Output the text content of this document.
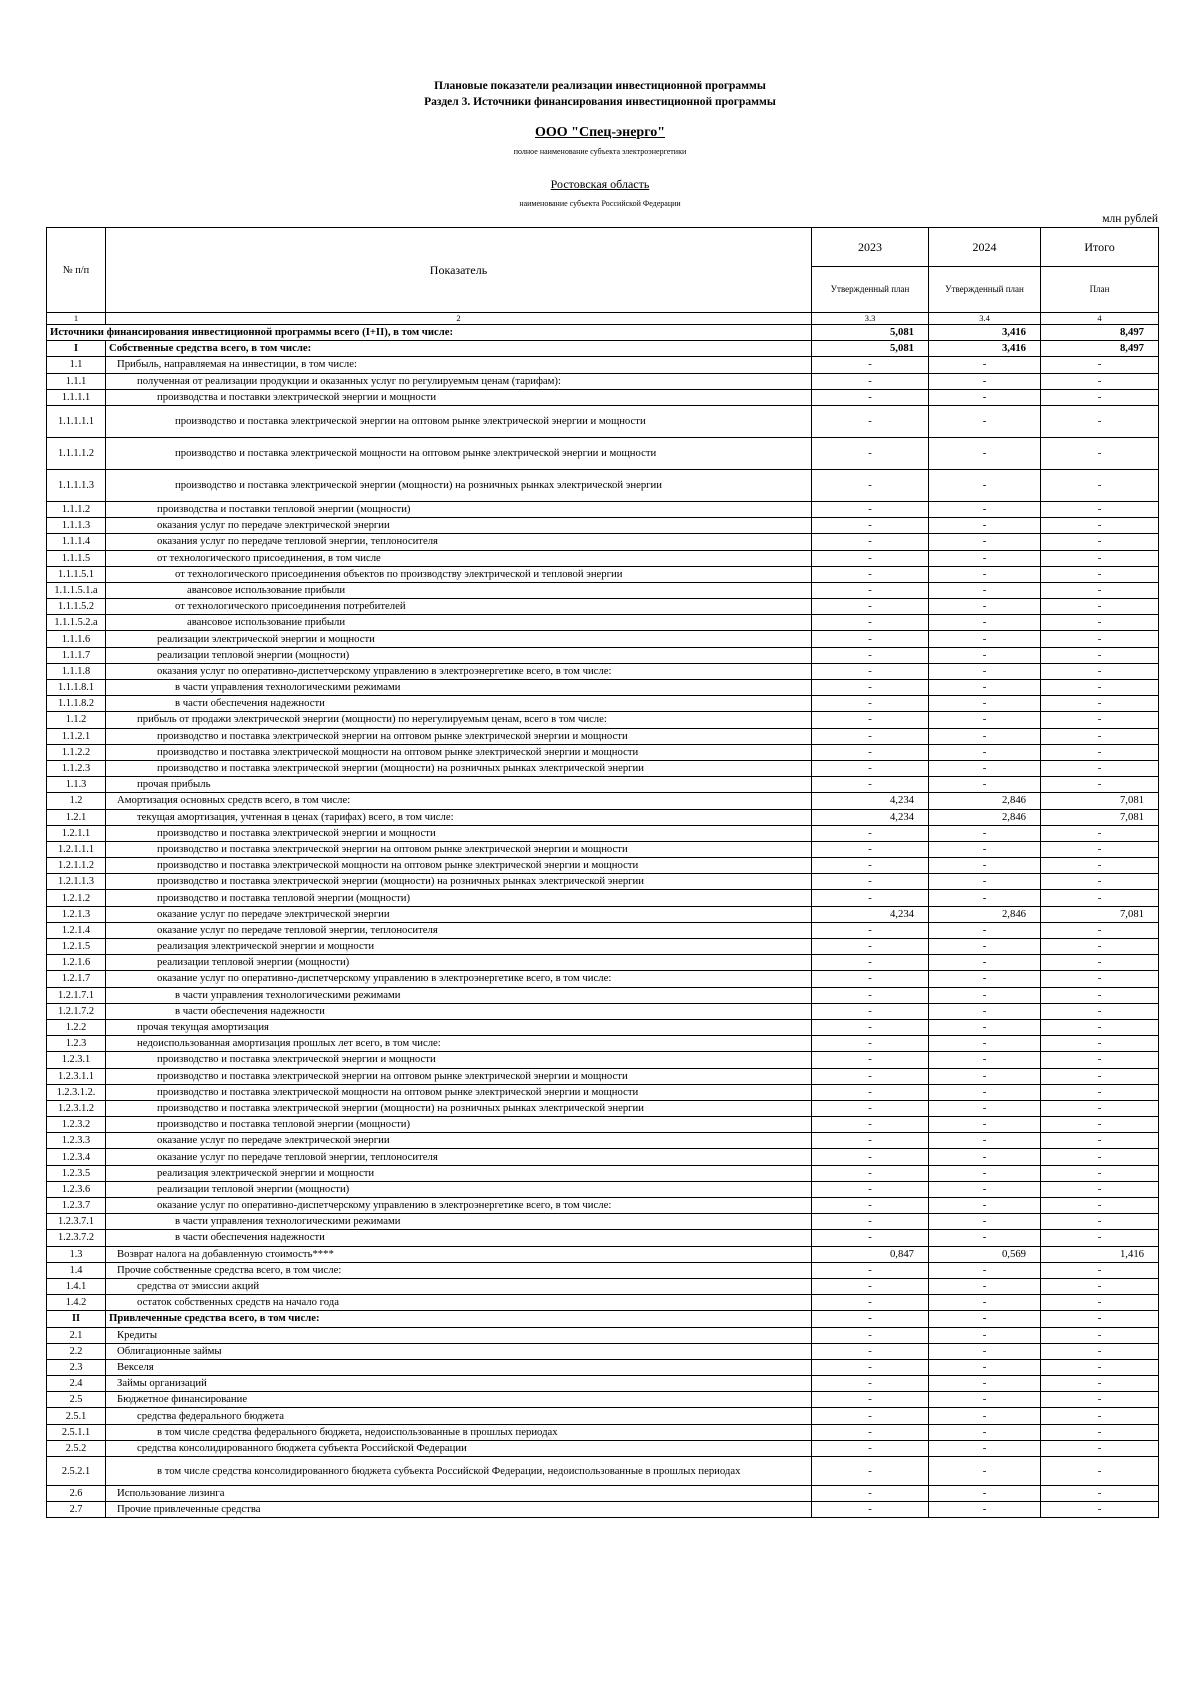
Плановые показатели реализации инвестиционной программы
Раздел 3. Источники финансирования инвестиционной программы
ООО "Спец-энерго"
полное наименование субъекта электроэнергетики
Ростовская область
наименование субъекта Российской Федерации
млн рублей
№ п/п	Показатель	2023	2024	Итого
		Утвержденный план	Утвержденный план	План
1	2	3.3	3.4	4
Источники финансирования инвестиционной программы всего (I+II), в том числе:		5,081	3,416	8,497
I	Собственные средства всего, в том числе:	5,081	3,416	8,497
1.1	Прибыль, направляемая на инвестиции, в том числе:	-	-	-
1.1.1	полученная от реализации продукции и оказанных услуг по регулируемым ценам (тарифам):	-	-	-
1.1.1.1	производства и поставки электрической энергии и мощности	-	-	-
1.1.1.1.1	производство и поставка электрической энергии на оптовом рынке электрической энергии и мощности	-	-	-
1.1.1.1.2	производство и поставка электрической мощности на оптовом рынке электрической энергии и мощности	-	-	-
1.1.1.1.3	производство и поставка электрической энергии (мощности) на розничных рынках электрической энергии	-	-	-
1.1.1.2	производства и поставки тепловой энергии (мощности)	-	-	-
1.1.1.3	оказания услуг по передаче электрической энергии	-	-	-
1.1.1.4	оказания услуг по передаче тепловой энергии, теплоносителя	-	-	-
1.1.1.5	от технологического присоединения, в том числе	-	-	-
1.1.1.5.1	от технологического присоединения объектов по производству электрической и тепловой энергии	-	-	-
1.1.1.5.1.a	авансовое использование прибыли	-	-	-
1.1.1.5.2	от технологического присоединения потребителей	-	-	-
1.1.1.5.2.a	авансовое использование прибыли	-	-	-
1.1.1.6	реализации электрической энергии и мощности	-	-	-
1.1.1.7	реализации тепловой энергии (мощности)	-	-	-
1.1.1.8	оказания услуг по оперативно-диспетчерскому управлению в электроэнергетике всего, в том числе:	-	-	-
1.1.1.8.1	в части управления технологическими режимами	-	-	-
1.1.1.8.2	в части обеспечения надежности	-	-	-
1.1.2	прибыль от продажи электрической энергии (мощности) по нерегулируемым ценам, всего в том числе:	-	-	-
1.1.2.1	производство и поставка электрической энергии на оптовом рынке электрической энергии и мощности	-	-	-
1.1.2.2	производство и поставка электрической мощности на оптовом рынке электрической энергии и мощности	-	-	-
1.1.2.3	производство и поставка электрической энергии (мощности) на розничных рынках электрической энергии	-	-	-
1.1.3	прочая прибыль	-	-	-
1.2	Амортизация основных средств всего, в том числе:	4,234	2,846	7,081
1.2.1	текущая амортизация, учтенная в ценах (тарифах) всего, в том числе:	4,234	2,846	7,081
1.2.1.1	производство и поставка электрической энергии и мощности	-	-	-
1.2.1.1.1	производство и поставка электрической энергии на оптовом рынке электрической энергии и мощности	-	-	-
1.2.1.1.2	производство и поставка электрической мощности на оптовом рынке электрической энергии и мощности	-	-	-
1.2.1.1.3	производство и поставка электрической энергии (мощности) на розничных рынках электрической энергии	-	-	-
1.2.1.2	производство и поставка тепловой энергии (мощности)	-	-	-
1.2.1.3	оказание услуг по передаче электрической энергии	4,234	2,846	7,081
1.2.1.4	оказание услуг по передаче тепловой энергии, теплоносителя	-	-	-
1.2.1.5	реализация электрической энергии и мощности	-	-	-
1.2.1.6	реализации тепловой энергии (мощности)	-	-	-
1.2.1.7	оказание услуг по оперативно-диспетчерскому управлению в электроэнергетике всего, в том числе:	-	-	-
1.2.1.7.1	в части управления технологическими режимами	-	-	-
1.2.1.7.2	в части обеспечения надежности	-	-	-
1.2.2	прочая текущая амортизация	-	-	-
1.2.3	недоиспользованная амортизация прошлых лет всего, в том числе:	-	-	-
1.2.3.1	производство и поставка электрической энергии и мощности	-	-	-
1.2.3.1.1	производство и поставка электрической энергии на оптовом рынке электрической энергии и мощности	-	-	-
1.2.3.1.2.	производство и поставка электрической мощности на оптовом рынке электрической энергии и мощности	-	-	-
1.2.3.1.2	производство и поставка электрической энергии (мощности) на розничных рынках электрической энергии	-	-	-
1.2.3.2	производство и поставка тепловой энергии (мощности)	-	-	-
1.2.3.3	оказание услуг по передаче электрической энергии	-	-	-
1.2.3.4	оказание услуг по передаче тепловой энергии, теплоносителя	-	-	-
1.2.3.5	реализация электрической энергии и мощности	-	-	-
1.2.3.6	реализации тепловой энергии (мощности)	-	-	-
1.2.3.7	оказание услуг по оперативно-диспетчерскому управлению в электроэнергетике всего, в том числе:	-	-	-
1.2.3.7.1	в части управления технологическими режимами	-	-	-
1.2.3.7.2	в части обеспечения надежности	-	-	-
1.3	Возврат налога на добавленную стоимость****	0,847	0,569	1,416
1.4	Прочие собственные средства всего, в том числе:	-	-	-
1.4.1	средства от эмиссии акций	-	-	-
1.4.2	остаток собственных средств на начало года	-	-	-
II	Привлеченные средства всего, в том числе:	-	-	-
2.1	Кредиты	-	-	-
2.2	Облигационные займы	-	-	-
2.3	Векселя	-	-	-
2.4	Займы организаций	-	-	-
2.5	Бюджетное финансирование	-	-	-
2.5.1	средства федерального бюджета	-	-	-
2.5.1.1	в том числе средства федерального бюджета, недоиспользованные в прошлых периодах	-	-	-
2.5.2	средства консолидированного бюджета субъекта Российской Федерации	-	-	-
2.5.2.1	в том числе средства консолидированного бюджета субъекта Российской Федерации, недоиспользованные в прошлых периодах	-	-	-
2.6	Использование лизинга	-	-	-
2.7	Прочие привлеченные средства	-	-	-
